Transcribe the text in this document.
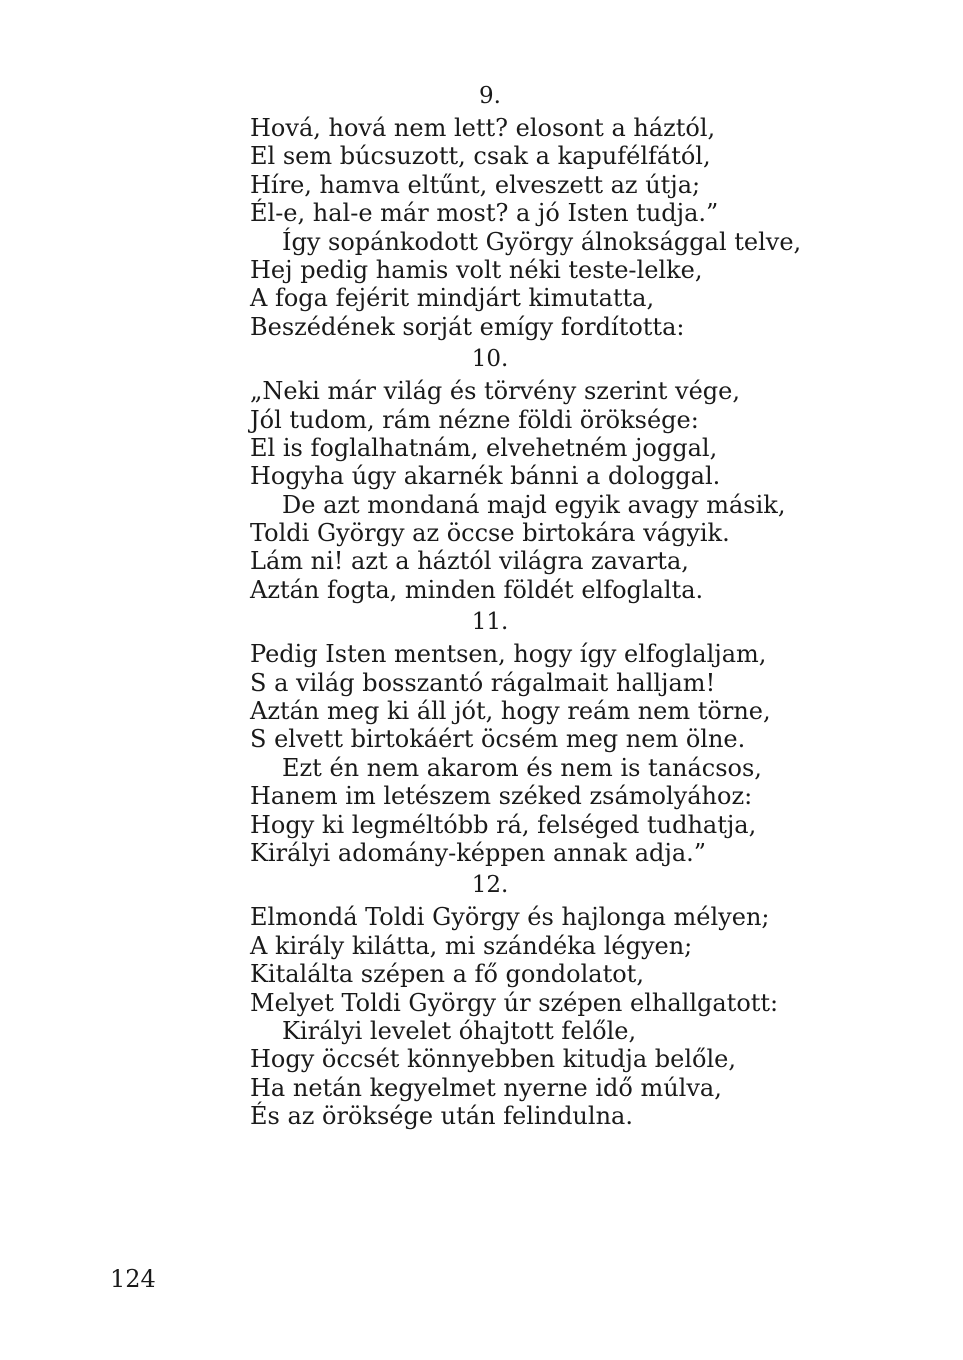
9.
Hová, hová nem lett? elosont a háztól,
El sem búcsuzott, csak a kapufélfától,
Híre, hamva eltűnt, elveszett az útja;
Él-e, hal-e már most? a jó Isten tudja.”
Így sopánkodott György álnoksággal telve,
Hej pedig hamis volt néki teste-lelke,
A foga fejérit mindjárt kimutatta,
Beszédének sorját emígy fordította:
10.
„Neki már világ és törvény szerint vége,
Jól tudom, rám nézne földi öröksége:
El is foglalhatnám, elvehetném joggal,
Hogyha úgy akarnék bánni a dologgal.
De azt mondaná majd egyik avagy másik,
Toldi György az öccse birtokára vágyik.
Lám ni! azt a háztól világra zavarta,
Aztán fogta, minden földét elfoglalta.
11.
Pedig Isten mentsen, hogy így elfoglaljam,
S a világ bosszantó rágalmait halljam!
Aztán meg ki áll jót, hogy reám nem törne,
S elvett birtokáért öcsém meg nem ölne.
Ezt én nem akarom és nem is tanácsos,
Hanem im letészem széked zsámolyához:
Hogy ki legméltóbb rá, felséged tudhatja,
Királyi adomány-képpen annak adja.”
12.
Elmondá Toldi György és hajlonga mélyen;
A király kilátta, mi szándéka légyen;
Kitalálta szépen a fő gondolatot,
Melyet Toldi György úr szépen elhallgatott:
Királyi levelet óhajtott felőle,
Hogy öccsét könnyebben kitudja belőle,
Ha netán kegyelmet nyerne idő múlva,
És az öröksége után felindulna.
124
